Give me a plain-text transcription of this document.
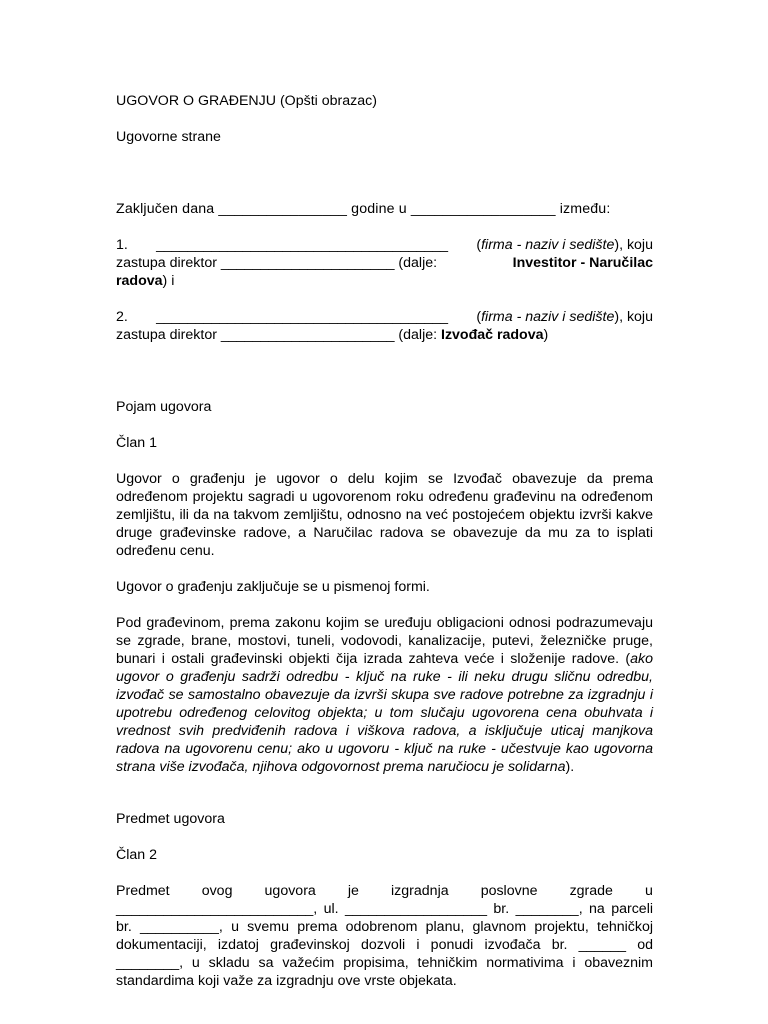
UGOVOR O GRAĐENJU (Opšti obrazac)

Ugovorne strane

Zaključen dana ________________ godine u __________________ između:

1. _____________________________________ (firma - naziv i sedište), koju
zastupa direktor ______________________ (dalje:	Investitor - Naručilac
radova) i
2. _____________________________________ (firma - naziv i sedište), koju
zastupa direktor ______________________ (dalje: Izvođač radova)

Pojam ugovora

Član 1

Ugovor o građenju je ugovor o delu kojim se Izvođač obavezuje da prema određenom projektu sagradi u ugovorenom roku određenu građevinu na određenom zemljištu, ili da na takvom zemljištu, odnosno na već postojećem objektu izvrši kakve druge građevinske radove, a Naručilac radova se obavezuje da mu za to isplati određenu cenu.

Ugovor o građenju zaključuje se u pismenoj formi.

Pod građevinom, prema zakonu kojim se uređuju obligacioni odnosi podrazumevaju se zgrade, brane, mostovi, tuneli, vodovodi, kanalizacije, putevi, železničke pruge, bunari i ostali građevinski objekti čija izrada zahteva veće i složenije radove. (ako ugovor o građenju sadrži odredbu - ključ na ruke - ili neku drugu sličnu odredbu, izvođač se samostalno obavezuje da izvrši skupa sve radove potrebne za izgradnju i upotrebu određenog celovitog objekta; u tom slučaju ugovorena cena obuhvata i vrednost svih predviđenih radova i viškova radova, a isključuje uticaj manjkova radova na ugovorenu cenu; ako u ugovoru - ključ na ruke - učestvuje kao ugovorna strana više izvođača, njihova odgovornost prema naručiocu je solidarna).

Predmet ugovora

Član 2

Predmet ovog ugovora je izgradnja poslovne zgrade u

_________________________, ul. __________________ br. ________, na parceli br. __________, u svemu prema odobrenom planu, glavnom projektu, tehničkoj dokumentaciji, izdatoj građevinskoj dozvoli i ponudi izvođača br. ______ od ________, u skladu sa važećim propisima, tehničkim normativima i obaveznim standardima koji važe za izgradnju ove vrste objekata.
